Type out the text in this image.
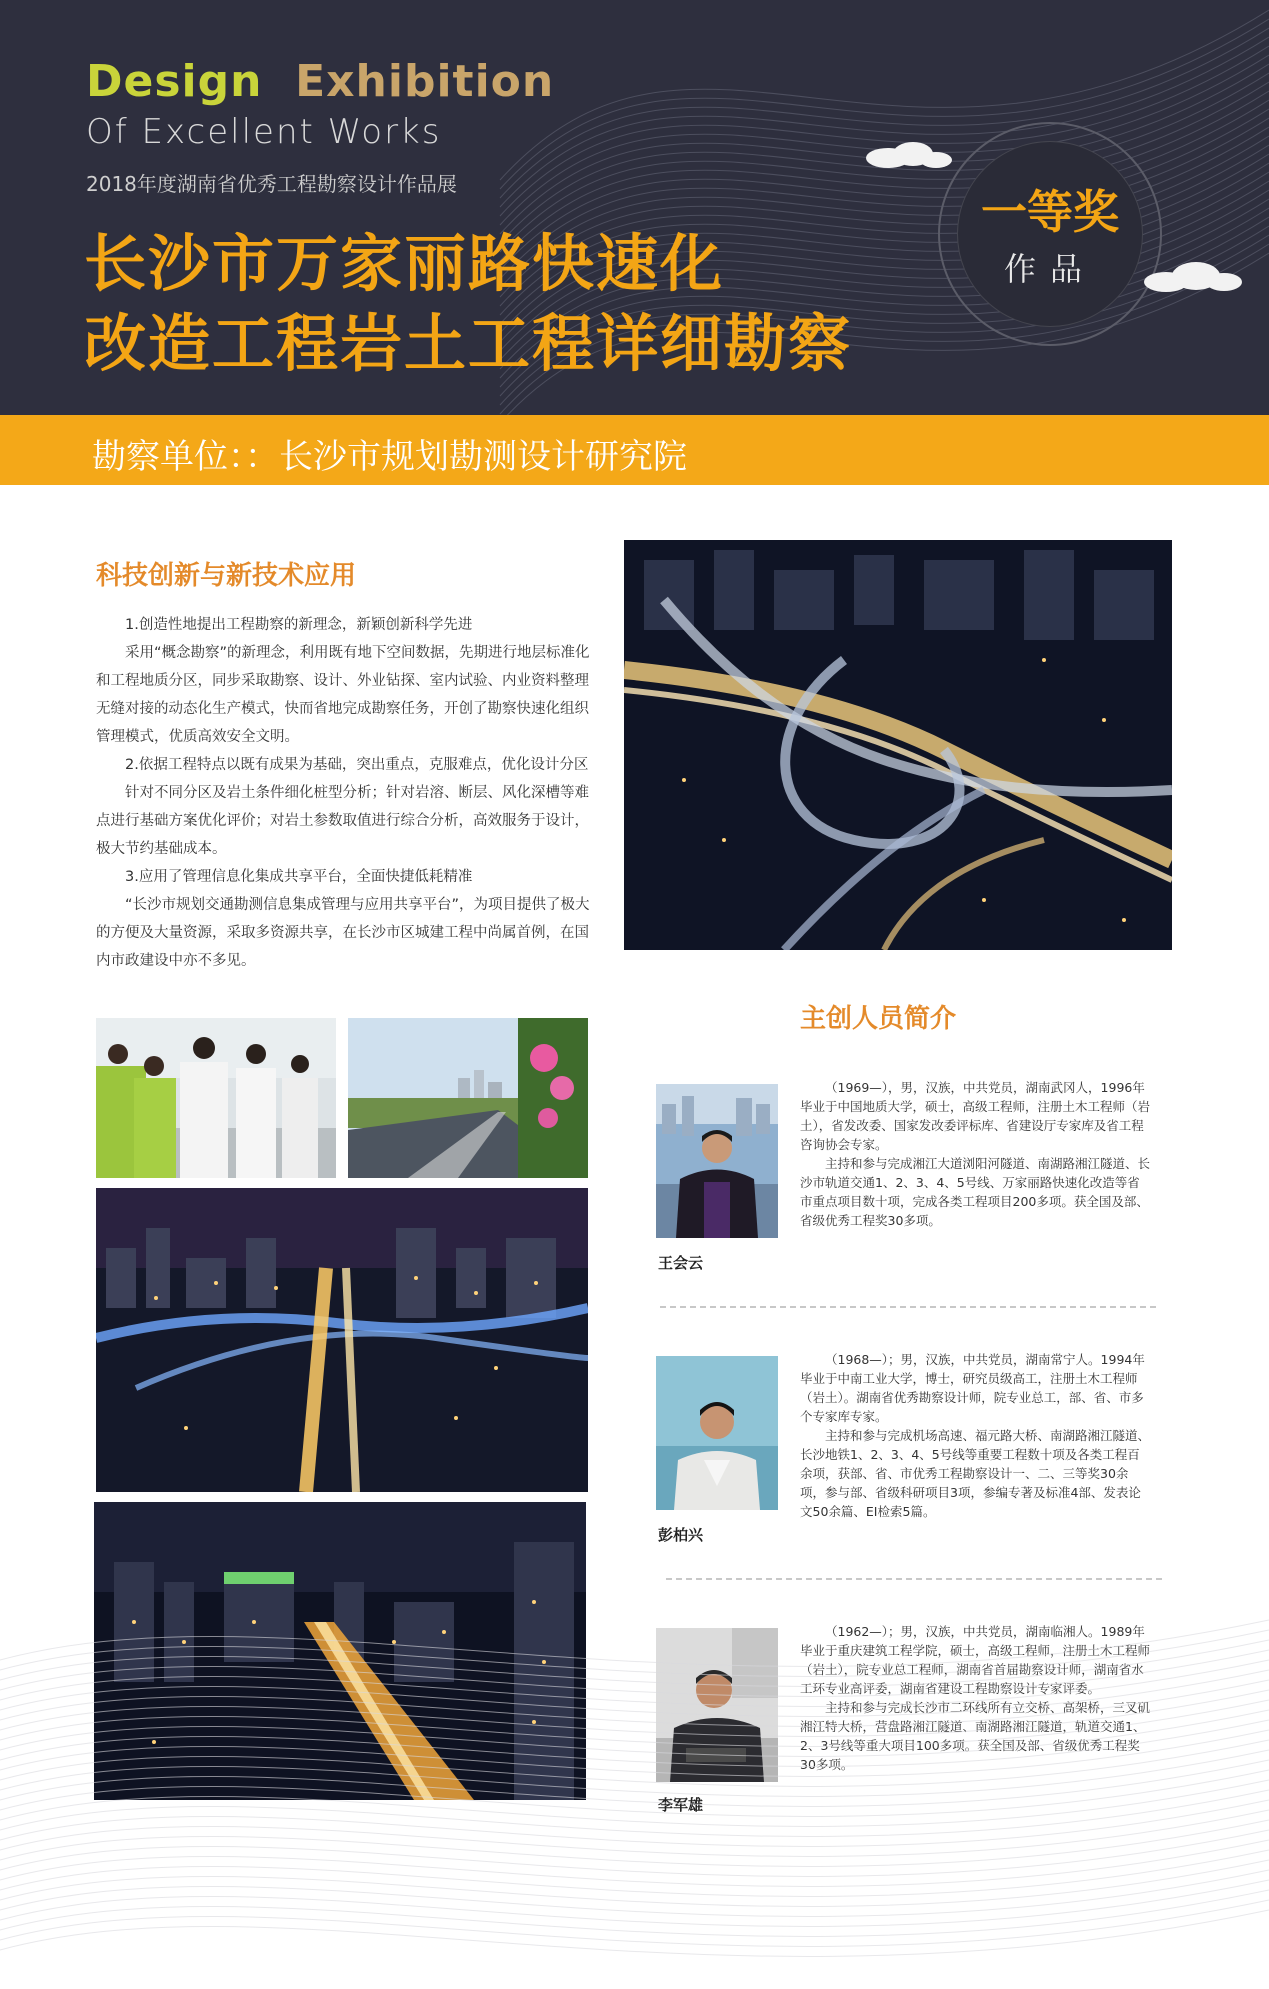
Design Exhibition
Of Excellent Works
2018年度湖南省优秀工程勘察设计作品展
长沙市万家丽路快速化
改造工程岩土工程详细勘察
一等奖
作品
勘察单位：：长沙市规划勘测设计研究院
科技创新与新技术应用

1.创造性地提出工程勘察的新理念，新颖创新科学先进

采用“概念勘察”的新理念，利用既有地下空间数据，先期进行地层标准化和工程地质分区，同步采取勘察、设计、外业钻探、室内试验、内业资料整理无缝对接的动态化生产模式，快而省地完成勘察任务，开创了勘察快速化组织管理模式，优质高效安全文明。

2.依据工程特点以既有成果为基础，突出重点，克服难点，优化设计分区

针对不同分区及岩土条件细化桩型分析；针对岩溶、断层、风化深槽等难点进行基础方案优化评价；对岩土参数取值进行综合分析，高效服务于设计，极大节约基础成本。

3.应用了管理信息化集成共享平台，全面快捷低耗精准

“长沙市规划交通勘测信息集成管理与应用共享平台”，为项目提供了极大的方便及大量资源，采取多资源共享，在长沙市区城建工程中尚属首例，在国内市政建设中亦不多见。

主创人员简介

（1969—），男，汉族，中共党员，湖南武冈人，1996年毕业于中国地质大学，硕士，高级工程师，注册土木工程师（岩土），省发改委、国家发改委评标库、省建设厅专家库及省工程咨询协会专家。

主持和参与完成湘江大道浏阳河隧道、南湖路湘江隧道、长沙市轨道交通1、2、3、4、5号线、万家丽路快速化改造等省市重点项目数十项，完成各类工程项目200多项。获全国及部、省级优秀工程奖30多项。

王会云

（1968—）；男，汉族，中共党员，湖南常宁人。1994年毕业于中南工业大学，博士，研究员级高工，注册土木工程师（岩土）。湖南省优秀勘察设计师，院专业总工，部、省、市多个专家库专家。

主持和参与完成机场高速、福元路大桥、南湖路湘江隧道、长沙地铁1、2、3、4、5号线等重要工程数十项及各类工程百余项，获部、省、市优秀工程勘察设计一、二、三等奖30余项，参与部、省级科研项目3项，参编专著及标准4部、发表论文50余篇、EI检索5篇。

彭柏兴

（1962—）；男，汉族，中共党员，湖南临湘人。1989年毕业于重庆建筑工程学院，硕士，高级工程师，注册土木工程师（岩土），院专业总工程师，湖南省首届勘察设计师，湖南省水工环专业高评委，湖南省建设工程勘察设计专家评委。

主持和参与完成长沙市二环线所有立交桥、高架桥，三叉矶湘江特大桥，营盘路湘江隧道、南湖路湘江隧道，轨道交通1、2、3号线等重大项目100多项。获全国及部、省级优秀工程奖30多项。

李军雄
